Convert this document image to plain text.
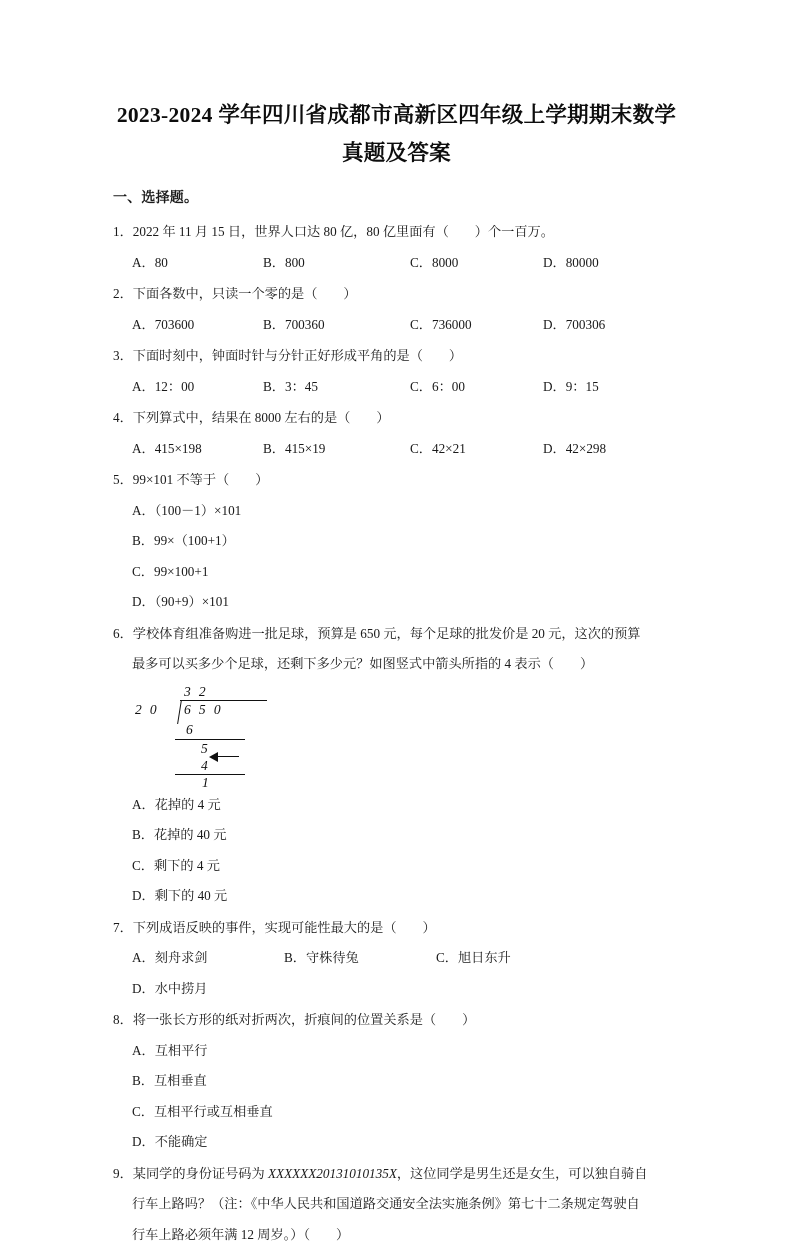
2023-2024 学年四川省成都市高新区四年级上学期期末数学
真题及答案
一、选择题。

1．2022 年 11 月 15 日，世界人口达 80 亿，80 亿里面有（ ）个一百万。

A．80	B．800	C．8000	D．80000

2．下面各数中，只读一个零的是（ ）

A．703600	B．700360	C．736000	D．700306

3．下面时刻中，钟面时针与分针正好形成平角的是（ ）

A．12：00	B．3：45	C．6：00	D．9：15

4．下列算式中，结果在 8000 左右的是（ ）

A．415×198	B．415×19	C．42×21	D．42×298

5．99×101 不等于（ ）

A．（100－1）×101B．99×（100+1）
C．99×100+1D．（90+9）×101

6．学校体育组准备购进一批足球，预算是 650 元，每个足球的批发价是 20 元，这次的预算
最多可以买多少个足球，还剩下多少元？如图竖式中箭头所指的 4 表示（ ）

3 2
2 0 6 5 0
6
5
4
1
A．花掉的 4 元B．花掉的 40 元
C．剩下的 4 元D．剩下的 40 元

7．下列成语反映的事件，实现可能性最大的是（ ）

A．刻舟求剑	B．守株待兔	C．旭日东升D．水中捞月

8．将一张长方形的纸对折两次，折痕间的位置关系是（ ）

A．互相平行B．互相垂直
C．互相平行或互相垂直D．不能确定

9．某同学的身份证号码为 XXXXXX20131010135X，这位同学是男生还是女生，可以独自骑自
行车上路吗？（注：《中华人民共和国道路交通安全法实施条例》第七十二条规定驾驶自
行车上路必须年满 12 周岁。）（ ）
